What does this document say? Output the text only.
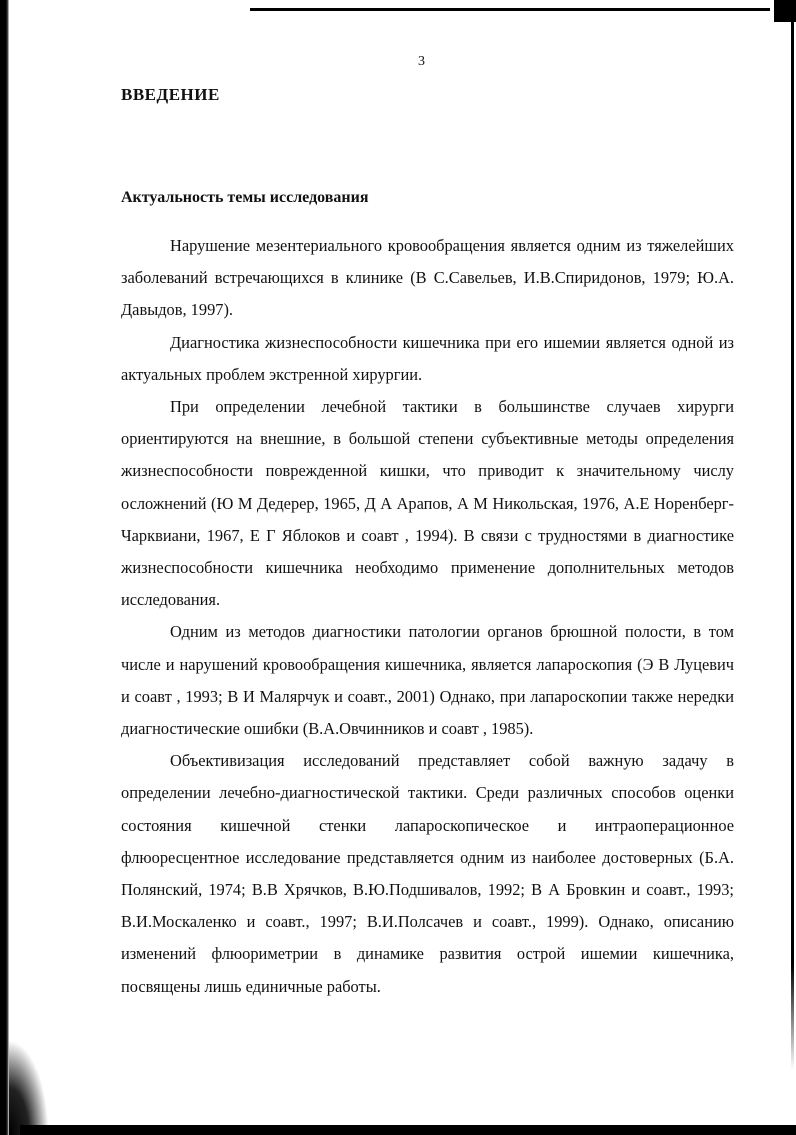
3
ВВЕДЕНИЕ
Актуальность темы исследования

Нарушение мезентериального кровообращения является одним из тяжелейших заболеваний встречающихся в клинике (В С.Савельев, И.В.Спиридонов, 1979; Ю.А. Давыдов, 1997).

Диагностика жизнеспособности кишечника при его ишемии является одной из актуальных проблем экстренной хирургии.

При определении лечебной тактики в большинстве случаев хирурги ориентируются на внешние, в большой степени субъективные методы определения жизнеспособности поврежденной кишки, что приводит к значительному числу осложнений (Ю М Дедерер, 1965, Д А Арапов, А М Никольская, 1976, А.Е Норенберг-Чарквиани, 1967, Е Г Яблоков и соавт , 1994). В связи с трудностями в диагностике жизнеспособности кишечника необходимо применение дополнительных методов исследования.

Одним из методов диагностики патологии органов брюшной полости, в том числе и нарушений кровообращения кишечника, является лапароскопия (Э В Луцевич и соавт , 1993; В И Малярчук и соавт., 2001) Однако, при лапароскопии также нередки диагностические ошибки (В.А.Овчинников и соавт , 1985).

Объективизация исследований представляет собой важную задачу в определении лечебно-диагностической тактики. Среди различных способов оценки состояния кишечной стенки лапароскопическое и интраоперационное флюоресцентное исследование представляется одним из наиболее достоверных (Б.А. Полянский, 1974; В.В Хрячков, В.Ю.Подшивалов, 1992; В А Бровкин и соавт., 1993; В.И.Москаленко и соавт., 1997; В.И.Полсачев и соавт., 1999). Однако, описанию изменений флюориметрии в динамике развития острой ишемии кишечника, посвящены лишь единичные работы.
